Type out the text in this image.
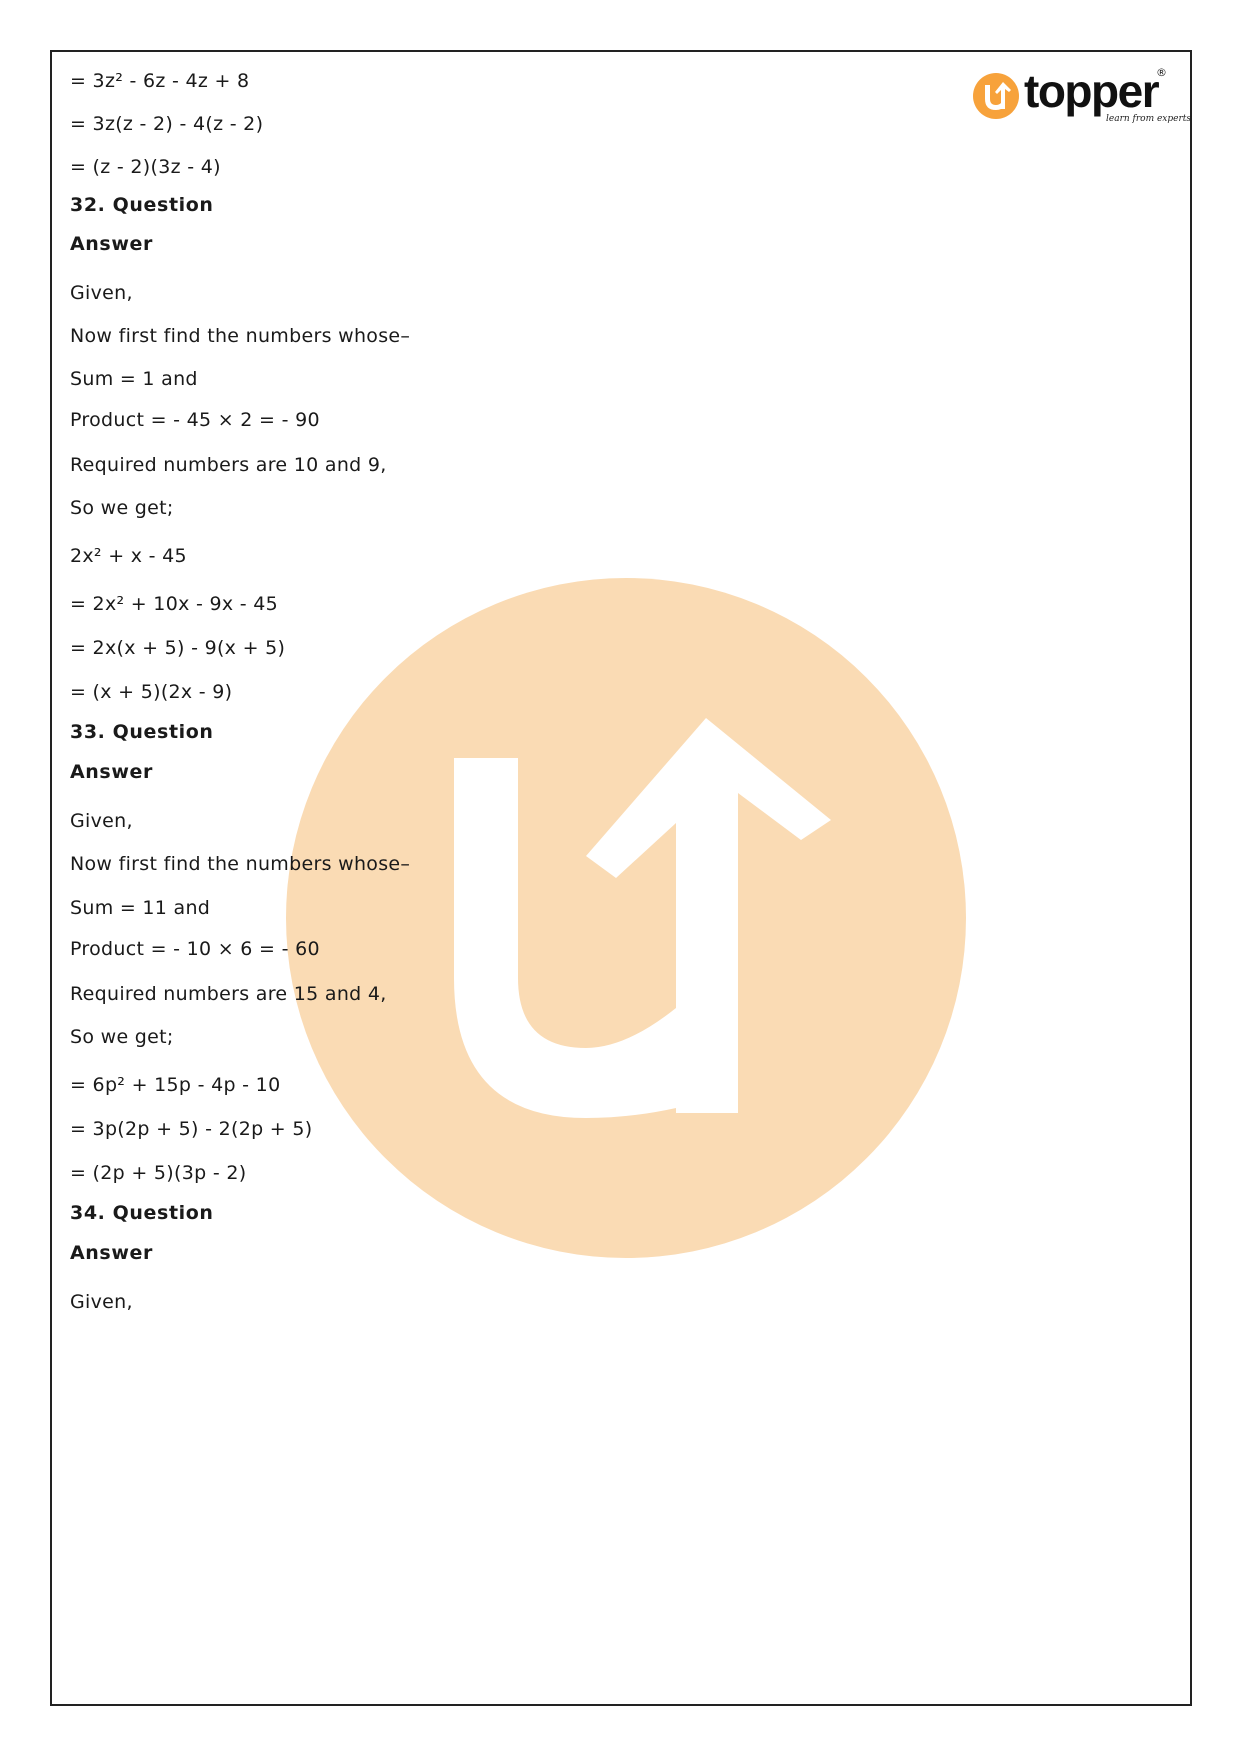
topper
®
learn from experts
= 3z² - 6z - 4z + 8
= 3z(z - 2) - 4(z - 2)
= (z - 2)(3z - 4)
32. Question
Answer
Given,
Now first find the numbers whose–
Sum = 1 and
Product = - 45 × 2 = - 90
Required numbers are 10 and 9,
So we get;
2x² + x - 45
= 2x² + 10x - 9x - 45
= 2x(x + 5) - 9(x + 5)
= (x + 5)(2x - 9)
33. Question
Answer
Given,
Now first find the numbers whose–
Sum = 11 and
Product = - 10 × 6 = - 60
Required numbers are 15 and 4,
So we get;
= 6p² + 15p - 4p - 10
= 3p(2p + 5) - 2(2p + 5)
= (2p + 5)(3p - 2)
34. Question
Answer
Given,
